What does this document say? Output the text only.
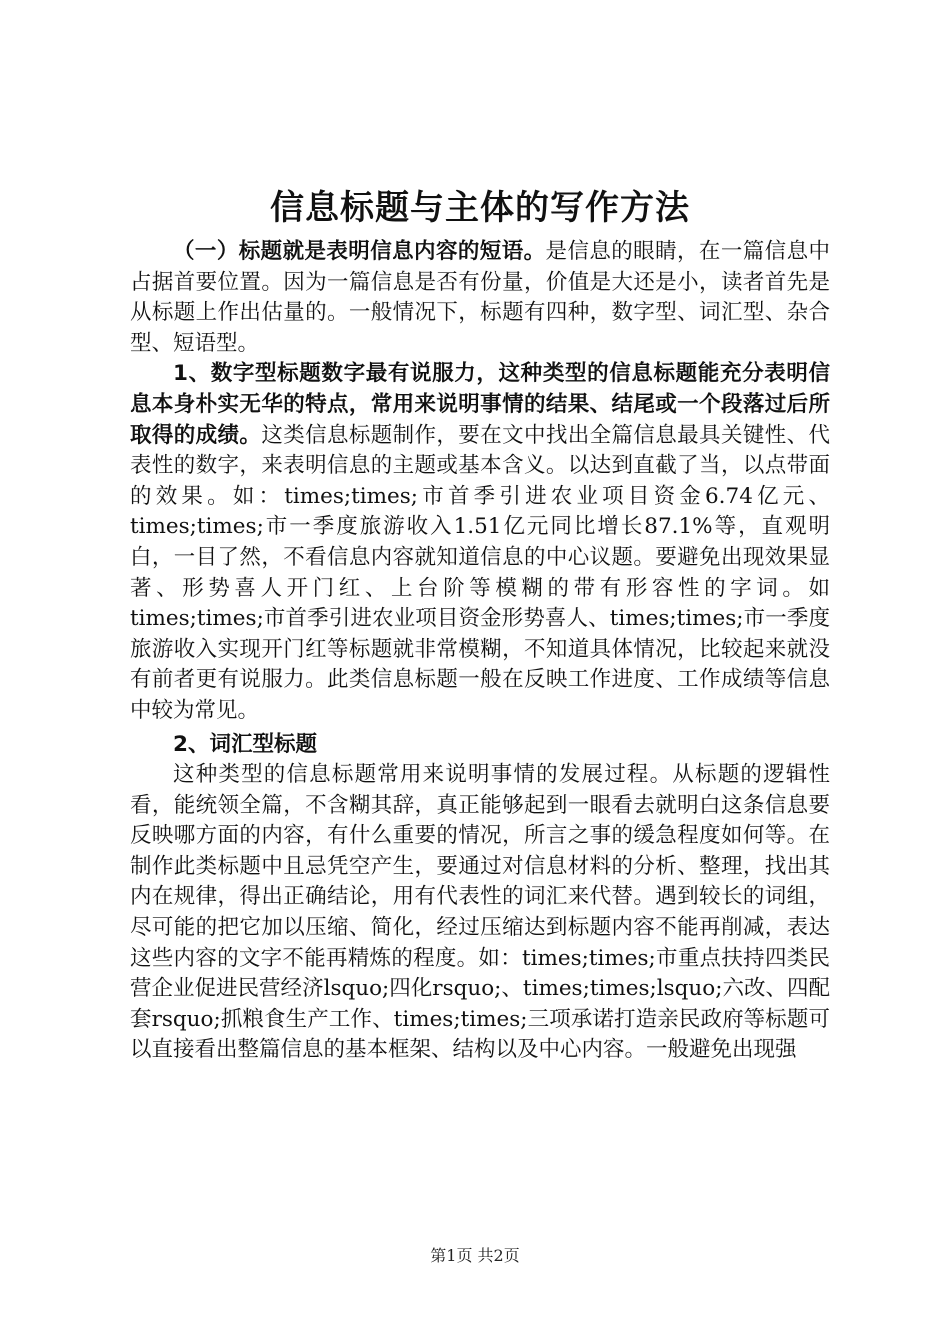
信息标题与主体的写作方法

（一）标题就是表明信息内容的短语。是信息的眼睛，在一篇信息中占据首要位置。因为一篇信息是否有份量，价值是大还是小，读者首先是从标题上作出估量的。一般情况下，标题有四种，数字型、词汇型、杂合型、短语型。

1、数字型标题数字最有说服力，这种类型的信息标题能充分表明信息本身朴实无华的特点，常用来说明事情的结果、结尾或一个段落过后所取得的成绩。这类信息标题制作，要在文中找出全篇信息最具关键性、代表性的数字，来表明信息的主题或基本含义。以达到直截了当，以点带面的效果。如：times;times;市首季引进农业项目资金6.74亿元、times;times;市一季度旅游收入1.51亿元同比增长87.1%等，直观明白，一目了然，不看信息内容就知道信息的中心议题。要避免出现效果显著、形势喜人开门红、上台阶等模糊的带有形容性的字词。如times;times;市首季引进农业项目资金形势喜人、times;times;市一季度旅游收入实现开门红等标题就非常模糊，不知道具体情况，比较起来就没有前者更有说服力。此类信息标题一般在反映工作进度、工作成绩等信息中较为常见。

2、词汇型标题

这种类型的信息标题常用来说明事情的发展过程。从标题的逻辑性看，能统领全篇，不含糊其辞，真正能够起到一眼看去就明白这条信息要反映哪方面的内容，有什么重要的情况，所言之事的缓急程度如何等。在制作此类标题中且忌凭空产生，要通过对信息材料的分析、整理，找出其内在规律，得出正确结论，用有代表性的词汇来代替。遇到较长的词组，尽可能的把它加以压缩、简化，经过压缩达到标题内容不能再削减，表达这些内容的文字不能再精炼的程度。如：times;times;市重点扶持四类民营企业促进民营经济lsquo;四化rsquo;、times;times;lsquo;六改、四配套rsquo;抓粮食生产工作、times;times;三项承诺打造亲民政府等标题可以直接看出整篇信息的基本框架、结构以及中心内容。一般避免出现强

第1页 共2页
